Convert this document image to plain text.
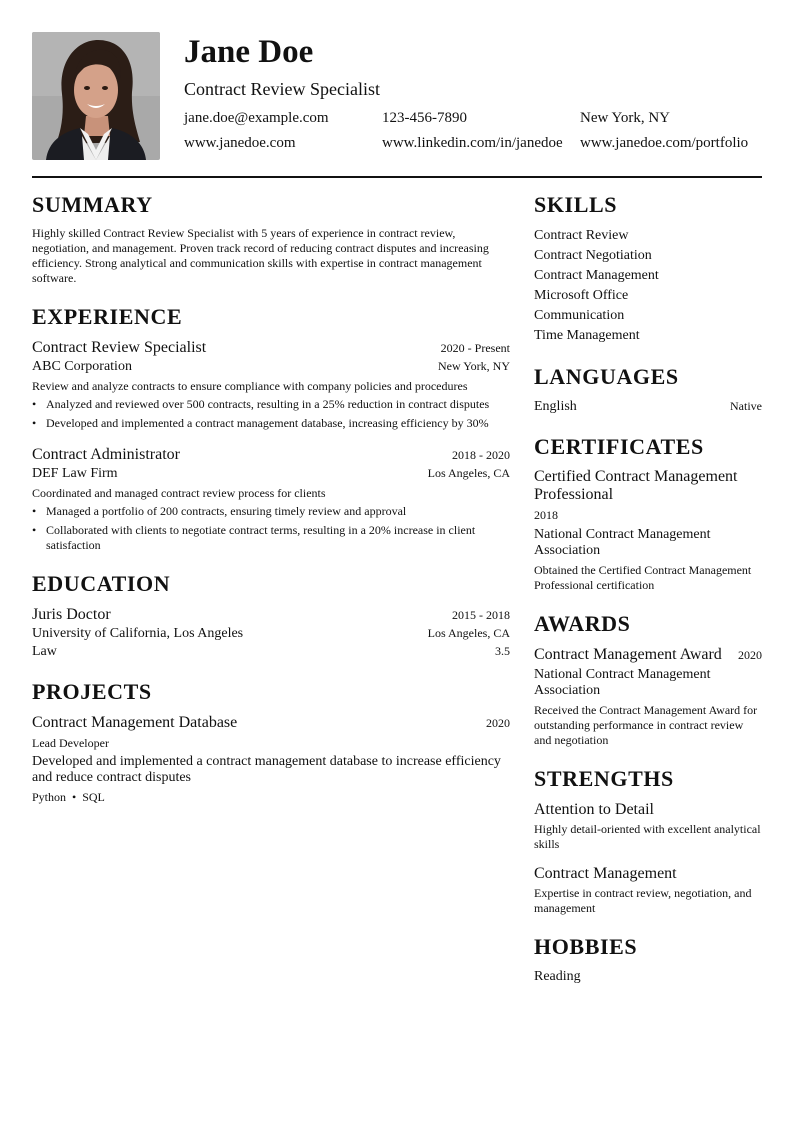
Jane Doe
Contract Review Specialist
jane.doe@example.com	123-456-7890	New York, NY
www.janedoe.com	www.linkedin.com/in/janedoe	www.janedoe.com/portfolio
SUMMARY
Highly skilled Contract Review Specialist with 5 years of experience in contract review, negotiation, and management. Proven track record of reducing contract disputes and increasing efficiency. Strong analytical and communication skills with expertise in contract management software.
EXPERIENCE
Contract Review Specialist	2020 - Present
ABC Corporation	New York, NY
Review and analyze contracts to ensure compliance with company policies and procedures
• Analyzed and reviewed over 500 contracts, resulting in a 25% reduction in contract disputes
• Developed and implemented a contract management database, increasing efficiency by 30%
Contract Administrator	2018 - 2020
DEF Law Firm	Los Angeles, CA
Coordinated and managed contract review process for clients
• Managed a portfolio of 200 contracts, ensuring timely review and approval
• Collaborated with clients to negotiate contract terms, resulting in a 20% increase in client satisfaction
EDUCATION
Juris Doctor	2015 - 2018
University of California, Los Angeles	Los Angeles, CA
Law	3.5
PROJECTS
Contract Management Database	2020
Lead Developer
Developed and implemented a contract management database to increase efficiency and reduce contract disputes
Python • SQL
SKILLS
Contract Review
Contract Negotiation
Contract Management
Microsoft Office
Communication
Time Management
LANGUAGES
English	Native
CERTIFICATES
Certified Contract Management Professional
2018
National Contract Management Association
Obtained the Certified Contract Management Professional certification
AWARDS
Contract Management Award 2020
National Contract Management Association
Received the Contract Management Award for outstanding performance in contract review and negotiation
STRENGTHS
Attention to Detail
Highly detail-oriented with excellent analytical skills
Contract Management
Expertise in contract review, negotiation, and management
HOBBIES
Reading
